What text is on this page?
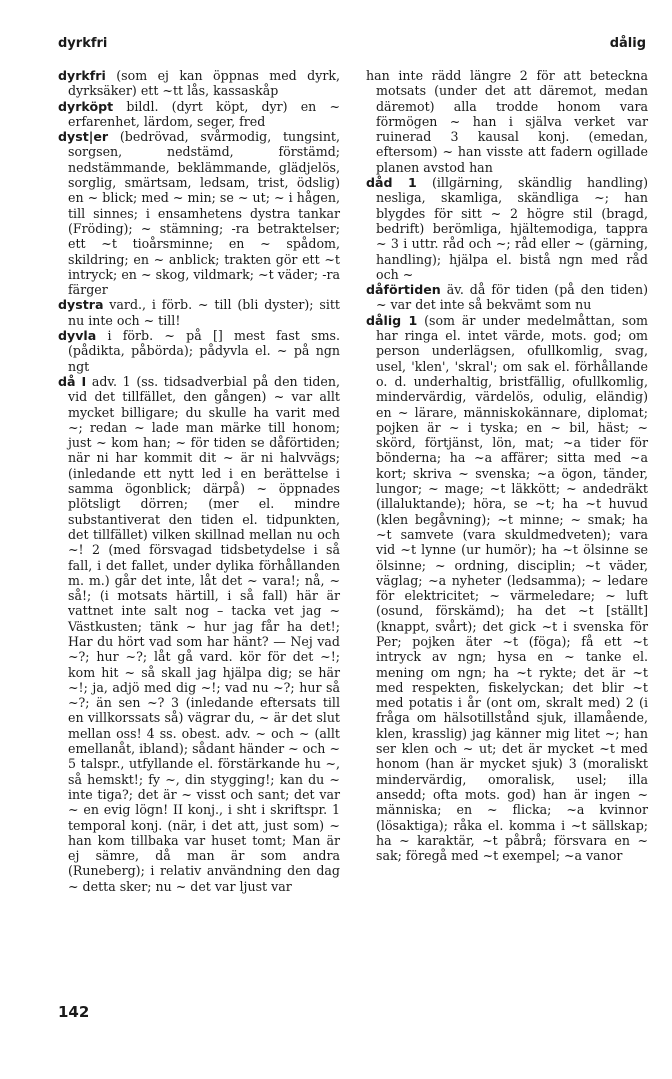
dyrkfri	dålig

dyrkfri (som ej kan öppnas med dyrk, dyrksäker) ett ~tt lås, kassaskåp

dyrköpt bildl. (dyrt köpt, dyr) en ~ erfarenhet, lärdom, seger, fred

dyst|er (bedrövad, svårmodig, tungsint, sorgsen, nedstämd, förstämd; nedstämmande, beklämmande, glädjelös, sorglig, smärtsam, ledsam, trist, ödslig) en ~ blick; med ~ min; se ~ ut; ~ i hågen, till sinnes; i ensamhetens dystra tankar (Fröding); ~ stämning; -ra betraktelser; ett ~t tioårsminne; en ~ spådom, skildring; en ~ anblick; trakten gör ett ~t intryck; en ~ skog, vildmark; ~t väder; -ra färger

dystra vard., i förb. ~ till (bli dyster); sitt nu inte och ~ till!

dyvla i förb. ~ på [] mest fast sms. (pådikta, påbörda); pådyvla el. ~ på ngn ngt

då I adv. 1 (ss. tidsadverbial på den tiden, vid det tillfället, den gången) ~ var allt mycket billigare; du skulle ha varit med ~; redan ~ lade man märke till honom; just ~ kom han; ~ för tiden se dåförtiden; när ni har kommit dit ~ är ni halvvägs; (inledande ett nytt led i en berättelse i samma ögonblick; därpå) ~ öppnades plötsligt dörren; (mer el. mindre substantiverat den tiden el. tidpunkten, det tillfället) vilken skillnad mellan nu och ~! 2 (med försvagad tidsbetydelse i så fall, i det fallet, under dylika förhållanden m. m.) går det inte, låt det ~ vara!; nå, ~ så!; (i motsats härtill, i så fall) här är vattnet inte salt nog – tacka vet jag ~ Västkusten; tänk ~ hur jag får ha det!; Har du hört vad som har hänt? — Nej vad ~?; hur ~?; låt gå vard. kör för det ~!; kom hit ~ så skall jag hjälpa dig; se här ~!; ja, adjö med dig ~!; vad nu ~?; hur så ~?; än sen ~? 3 (inledande eftersats till en villkorssats så) vägrar du, ~ är det slut mellan oss! 4 ss. obest. adv. ~ och ~ (allt emellanåt, ibland); sådant händer ~ och ~ 5 talspr., utfyllande el. förstärkande hu ~, så hemskt!; fy ~, din stygging!; kan du ~ inte tiga?; det är ~ visst och sant; det var ~ en evig lögn! II konj., i sht i skriftspr. 1 temporal konj. (när, i det att, just som) ~ han kom tillbaka var huset tomt; Man är ej sämre, då man är som andra (Runeberg); i relativ användning den dag ~ detta sker; nu ~ det var ljust var

han inte rädd längre 2 för att beteckna motsats (under det att däremot, medan däremot) alla trodde honom vara förmögen ~ han i själva verket var ruinerad 3 kausal konj. (emedan, eftersom) ~ han visste att fadern ogillade planen avstod han

dåd 1 (illgärning, skändlig handling) nesliga, skamliga, skändliga ~; han blygdes för sitt ~ 2 högre stil (bragd, bedrift) berömliga, hjältemodiga, tappra ~ 3 i uttr. råd och ~; råd eller ~ (gärning, handling); hjälpa el. bistå ngn med råd och ~

dåförtiden äv. då för tiden (på den tiden) ~ var det inte så bekvämt som nu

dålig 1 (som är under medelmåttan, som har ringa el. intet värde, mots. god; om person underlägsen, ofullkomlig, svag, usel, 'klen', 'skral'; om sak el. förhållande o. d. underhaltig, bristfällig, ofullkomlig, mindervärdig, värdelös, odulig, eländig) en ~ lärare, människokännare, diplomat; pojken är ~ i tyska; en ~ bil, häst; ~ skörd, förtjänst, lön, mat; ~a tider för bönderna; ha ~a affärer; sitta med ~a kort; skriva ~ svenska; ~a ögon, tänder, lungor; ~ mage; ~t läkkött; ~ andedräkt (illaluktande); höra, se ~t; ha ~t huvud (klen begåvning); ~t minne; ~ smak; ha ~t samvete (vara skuldmedveten); vara vid ~t lynne (ur humör); ha ~t ölsinne se ölsinne; ~ ordning, disciplin; ~t väder, väglag; ~a nyheter (ledsamma); ~ ledare för elektricitet; ~ värmeledare; ~ luft (osund, förskämd); ha det ~t [ställt] (knappt, svårt); det gick ~t i svenska för Per; pojken äter ~t (föga); få ett ~t intryck av ngn; hysa en ~ tanke el. mening om ngn; ha ~t rykte; det är ~t med respekten, fiskelyckan; det blir ~t med potatis i år (ont om, skralt med) 2 (i fråga om hälsotillstånd sjuk, illamående, klen, krasslig) jag känner mig litet ~; han ser klen och ~ ut; det är mycket ~t med honom (han är mycket sjuk) 3 (moraliskt mindervärdig, omoralisk, usel; illa ansedd; ofta mots. god) han är ingen ~ människa; en ~ flicka; ~a kvinnor (lösaktiga); råka el. komma i ~t sällskap; ha ~ karaktär, ~t påbrå; försvara en ~ sak; föregå med ~t exempel; ~a vanor

142
